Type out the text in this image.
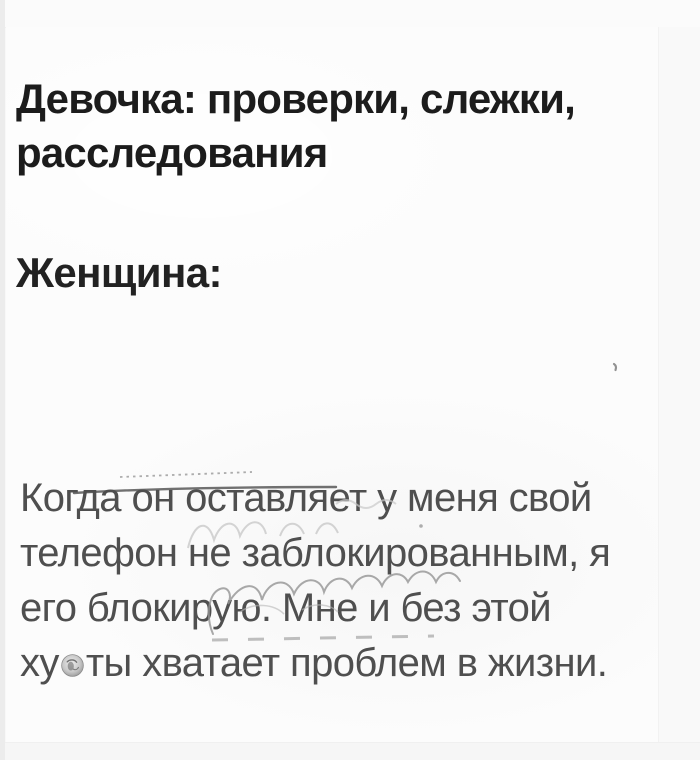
Девочка: проверки, слежки,
расследования
Женщина:
Когда он оставляет у меня свой
телефон не заблокированным, я
его блокирую. Мне и без этой
ху ты хватает проблем в жизни.
